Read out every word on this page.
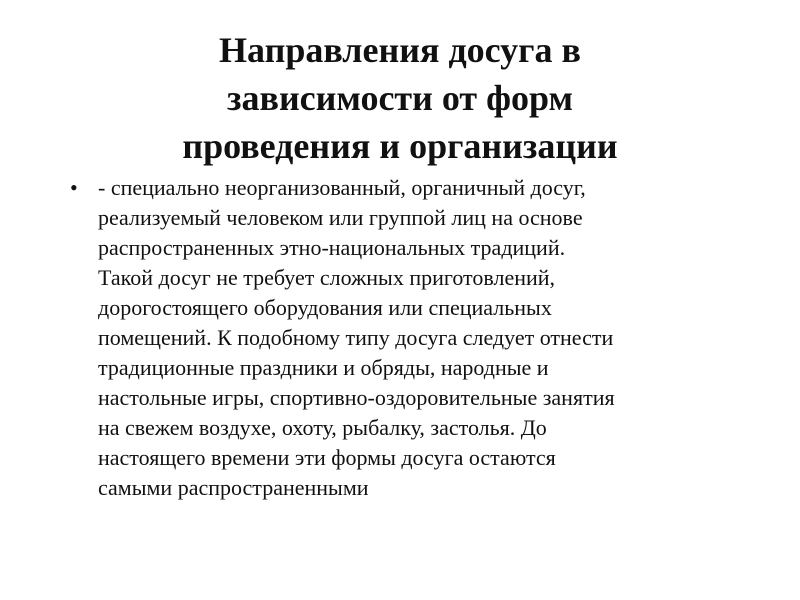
Направления досуга в
зависимости от форм
проведения и организации
• - специально неорганизованный, органичный досуг,
реализуемый человеком или группой лиц на основе
распространенных этно-национальных традиций.
Такой досуг не требует сложных приготовлений,
дорогостоящего оборудования или специальных
помещений. К подобному типу досуга следует отнести
традиционные праздники и обряды, народные и
настольные игры, спортивно-оздоровительные занятия
на свежем воздухе, охоту, рыбалку, застолья. До
настоящего времени эти формы досуга остаются
самыми распространенными
